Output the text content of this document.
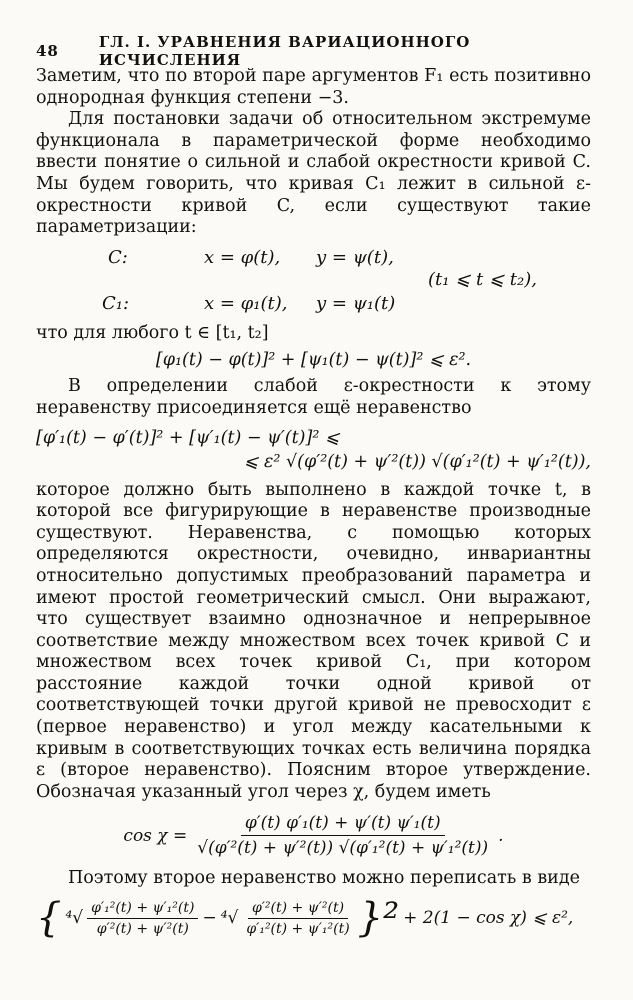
48	ГЛ. I. УРАВНЕНИЯ ВАРИАЦИОННОГО ИСЧИСЛЕНИЯ

Заметим, что по второй паре аргументов F₁ есть позитивно однородная функция степени −3.

Для постановки задачи об относительном экстремуме функционала в параметрической форме необходимо ввести понятие о сильной и слабой окрестности кривой C. Мы будем говорить, что кривая C₁ лежит в сильной ε-окрестности кривой C, если существуют такие параметризации:

C:
C₁:
x = φ(t), y = ψ(t),
x = φ₁(t), y = ψ₁(t)
(t₁ ⩽ t ⩽ t₂),

что для любого t ∈ [t₁, t₂]

[φ₁(t) − φ(t)]² + [ψ₁(t) − ψ(t)]² ⩽ ε².

В определении слабой ε-окрестности к этому неравенству присоединяется ещё неравенство

[φ′₁(t) − φ′(t)]² + [ψ′₁(t) − ψ′(t)]² ⩽
⩽ ε² √(φ′²(t) + ψ′²(t)) √(φ′₁²(t) + ψ′₁²(t)),

которое должно быть выполнено в каждой точке t, в которой все фигурирующие в неравенстве производные существуют. Неравенства, с помощью которых определяются окрестности, очевидно, инвариантны относительно допустимых преобразований параметра и имеют простой геометрический смысл. Они выражают, что существует взаимно однозначное и непрерывное соответствие между множеством всех точек кривой C и множеством всех точек кривой C₁, при котором расстояние каждой точки одной кривой от соответствующей точки другой кривой не превосходит ε (первое неравенство) и угол между касательными к кривым в соответствующих точках есть величина порядка ε (второе неравенство). Поясним второе утверждение. Обозначая указанный угол через χ, будем иметь

$\cos \chi = \frac{\text{φ′(t) φ′₁(t) + ψ′(t) ψ′₁(t)}}{\text{√(φ′²(t) + ψ′²(t)) √(φ′₁²(t) + ψ′₁²(t))}}$ .

Поэтому второе неравенство можно переписать в виде

{ $^4√ \frac{\text{φ′₁²(t) + ψ′₁²(t)}}{\text{φ′²(t) + ψ′²(t)}} - ^4√ \frac{\text{φ′²(t) + ψ′²(t)}}{\text{φ′₁²(t) + ψ′₁²(t)}} \}^2 + 2(1 - \cos \chi)$ ⩽ ε²,
